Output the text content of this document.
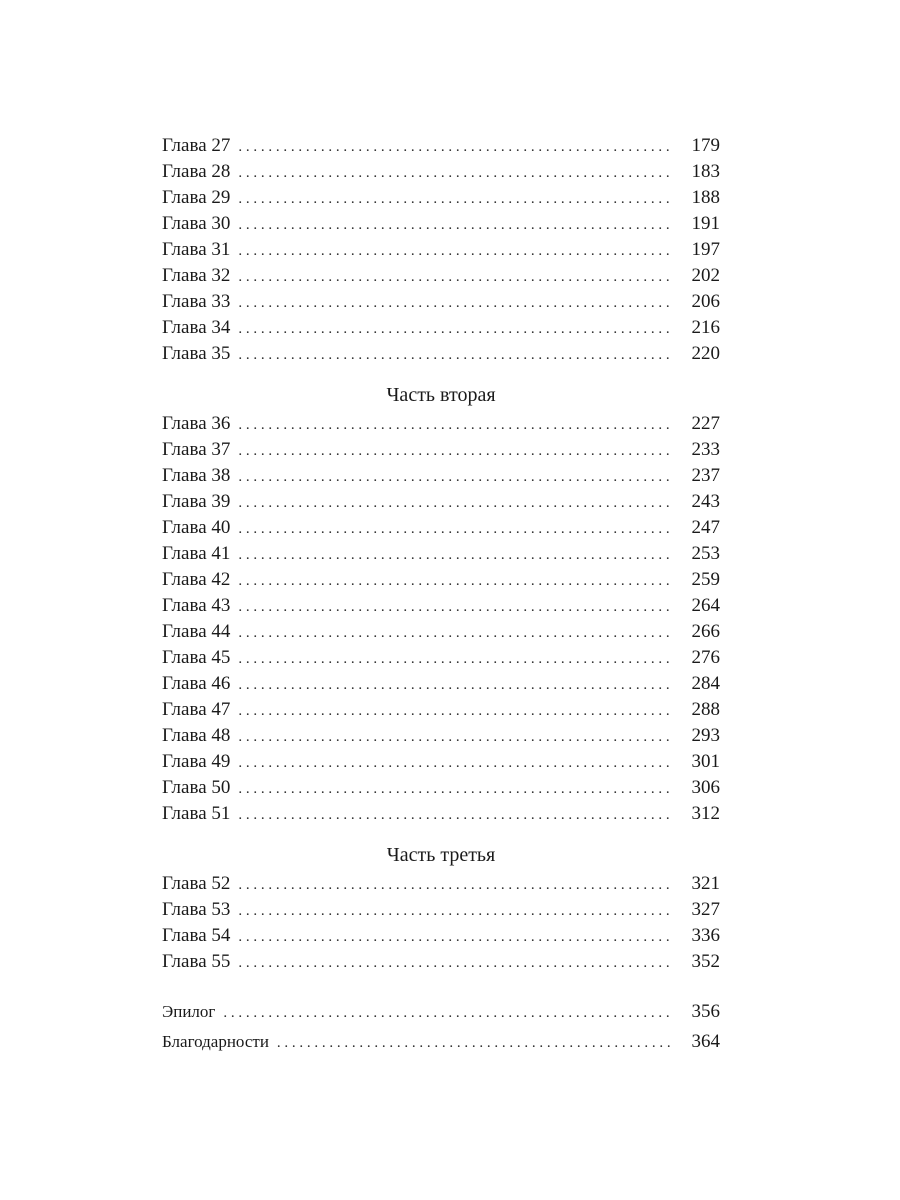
Глава 27 . . .	179
Глава 28 . . .	183
Глава 29 . . .	188
Глава 30 . . .	191
Глава 31 . . .	197
Глава 32 . . .	202
Глава 33 . . .	206
Глава 34 . . .	216
Глава 35 . . .	220
Часть вторая
Глава 36 . . .	227
Глава 37 . . .	233
Глава 38 . . .	237
Глава 39 . . .	243
Глава 40 . . .	247
Глава 41 . . .	253
Глава 42 . . .	259
Глава 43 . . .	264
Глава 44 . . .	266
Глава 45 . . .	276
Глава 46 . . .	284
Глава 47 . . .	288
Глава 48 . . .	293
Глава 49 . . .	301
Глава 50 . . .	306
Глава 51 . . .	312
Часть третья
Глава 52 . . .	321
Глава 53 . . .	327
Глава 54 . . .	336
Глава 55 . . .	352
Эпилог . . .	356
Благодарности . . .	364
